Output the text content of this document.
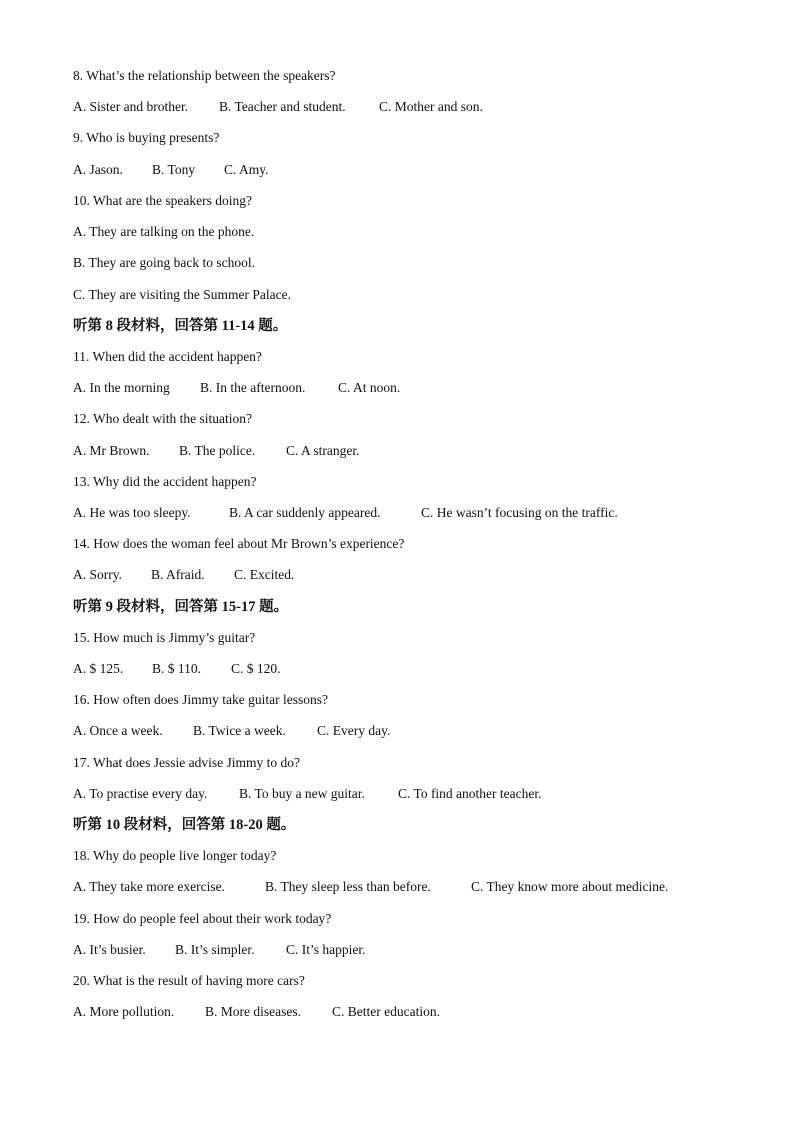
8. What’s the relationship between the speakers?
A. Sister and brother. B. Teacher and student. C. Mother and son.
9. Who is buying presents?
A. Jason. B. Tony C. Amy.
10. What are the speakers doing?
A. They are talking on the phone.
B. They are going back to school.
C. They are visiting the Summer Palace.
听第 8 段材料，回答第 11-14 题。
11. When did the accident happen?
A. In the morning B. In the afternoon. C. At noon.
12. Who dealt with the situation?
A. Mr Brown. B. The police. C. A stranger.
13. Why did the accident happen?
A. He was too sleepy.	B. A car suddenly appeared.	C. He wasn’t focusing on the traffic.
14. How does the woman feel about Mr Brown’s experience?
A. Sorry. B. Afraid. C. Excited.
听第 9 段材料，回答第 15-17 题。
15. How much is Jimmy’s guitar?
A. $ 125. B. $ 110. C. $ 120.
16. How often does Jimmy take guitar lessons?
A. Once a week. B. Twice a week. C. Every day.
17. What does Jessie advise Jimmy to do?
A. To practise every day. B. To buy a new guitar. C. To find another teacher.
听第 10 段材料，回答第 18-20 题。
18. Why do people live longer today?
A. They take more exercise.	B. They sleep less than before.	C. They know more about medicine.
19. How do people feel about their work today?
A. It’s busier. B. It’s simpler. C. It’s happier.
20. What is the result of having more cars?
A. More pollution. B. More diseases. C. Better education.
